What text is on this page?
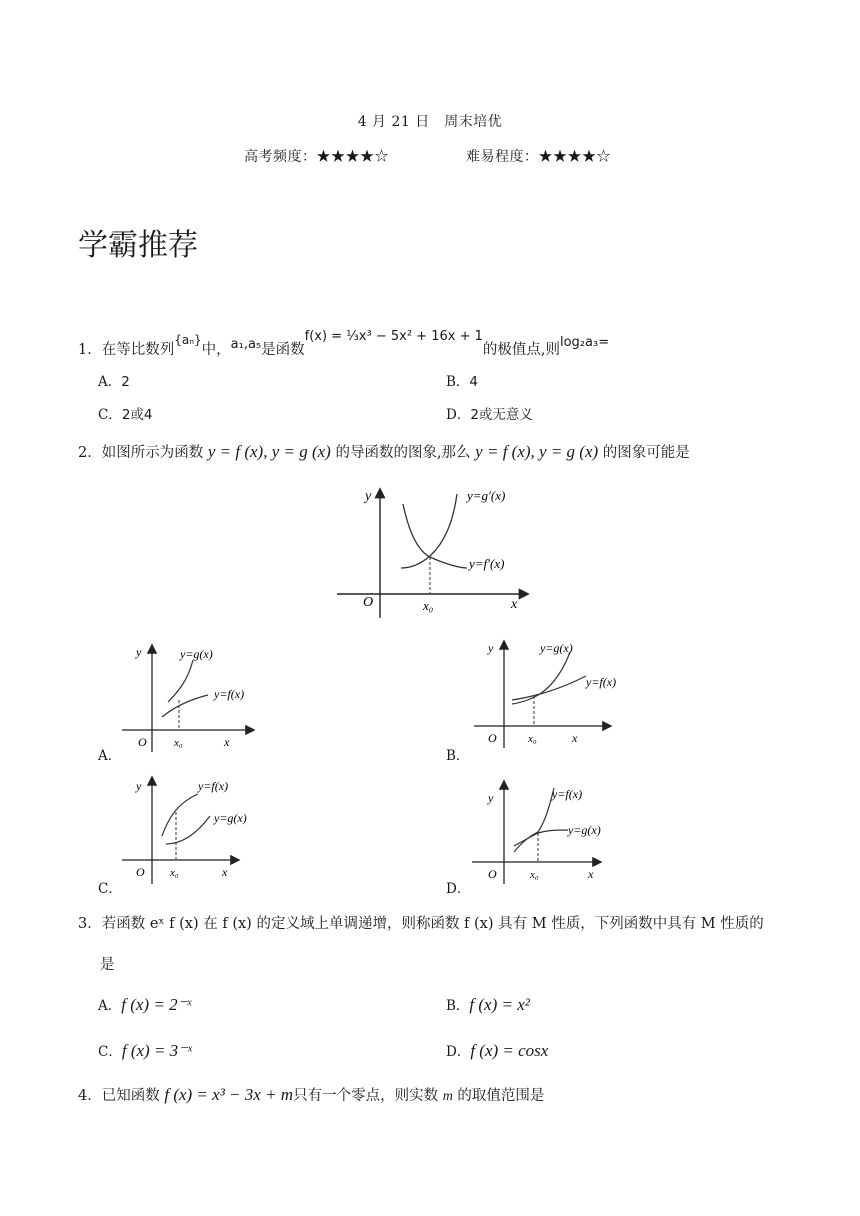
4 月 21 日　周末培优
高考频度：★★★★☆	难易程度：★★★★☆
学霸推荐
1．在等比数列$_{\{a_n\}}$中，a₁,a₅是函数f(x) = ⅓x³ − 5x² + 16x + 1的极值点,则log₂a₃=
A．2	B．4
C．2或4	D．2或无意义
2．如图所示为函数 y = f (x), y = g (x) 的导函数的图象,那么 y = f (x), y = g (x) 的图象可能是
y
x
O	x₀
y=g′(x)
y=f′(x)
A．
y
x
O x₀
y=g(x)
y=f(x)
B．
y
x
O	x₀
y=g(x)
y=f(x)
C．
y
x
O x₀
y=f(x)
y=g(x)
D．
y
x
O	x₀
y=f(x)
y=g(x)
3．若函数 eˣ f (x) 在 f (x) 的定义域上单调递增，则称函数 f (x) 具有 M 性质，下列函数中具有 M 性质的
是
A．f (x) = 2⁻ˣ	B．f (x) = x²
C．f (x) = 3⁻ˣ	D．f (x) = cosx
4．已知函数 f (x) = x³ − 3x + m只有一个零点，则实数 m 的取值范围是
